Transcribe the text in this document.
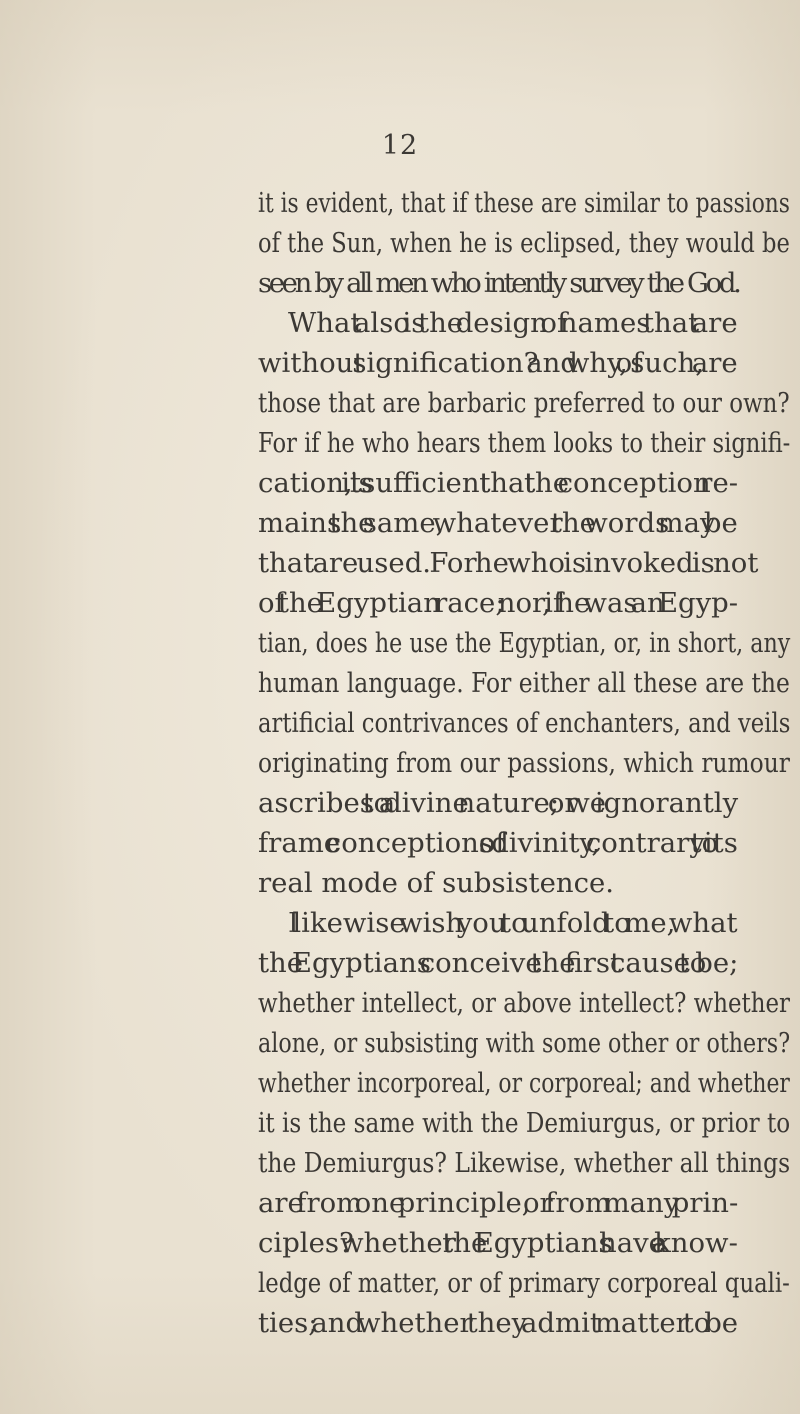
12
it is evident, that if these are similar to passions
of the Sun, when he is eclipsed, they would be
seen by all men who intently survey the God.
What also is the design of names that are
without signification? and why, of such, are
those that are barbaric preferred to our own?
For if he who hears them looks to their signifi-
cation, it is sufficient that the conception re-
mains the same, whatever the words may be
that are used. For he who is invoked is not
of the Egyptian race; nor, if he was an Egyp-
tian, does he use the Egyptian, or, in short, any
human language. For either all these are the
artificial contrivances of enchanters, and veils
originating from our passions, which rumour
ascribes to a divine nature; or we ignorantly
frame conceptions of divinity, contrary to its
real mode of subsistence.
I likewise wish you to unfold to me, what
the Egyptians conceive the first cause to be;
whether intellect, or above intellect? whether
alone, or subsisting with some other or others?
whether incorporeal, or corporeal; and whether
it is the same with the Demiurgus, or prior to
the Demiurgus? Likewise, whether all things
are from one principle, or from many prin-
ciples? whether the Egyptians have a know-
ledge of matter, or of primary corporeal quali-
ties; and whether they admit matter to be
